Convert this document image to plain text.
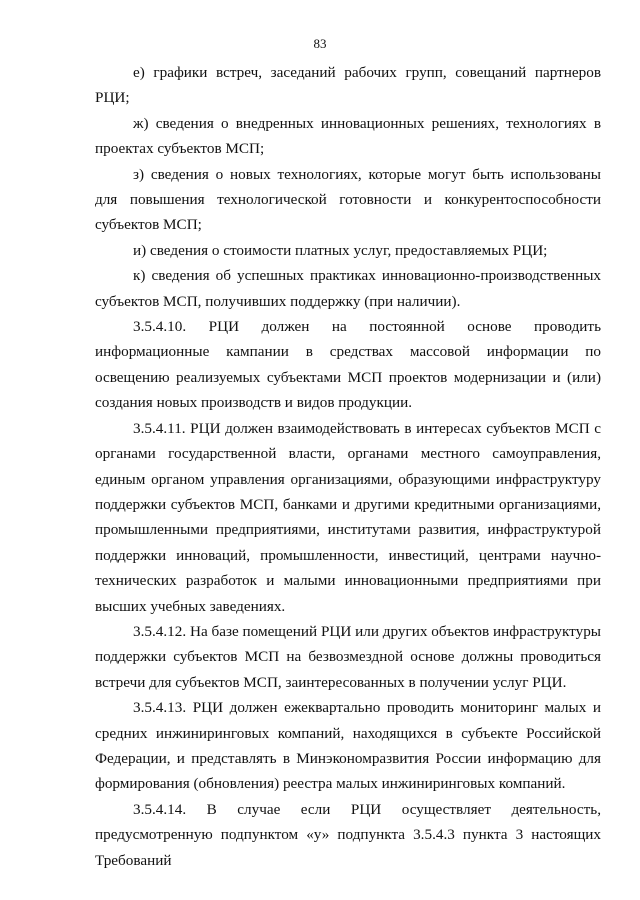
83

е) графики встреч, заседаний рабочих групп, совещаний партнеров РЦИ;

ж) сведения о внедренных инновационных решениях, технологиях в проектах субъектов МСП;

з) сведения о новых технологиях, которые могут быть использованы для повышения технологической готовности и конкурентоспособности субъектов МСП;

и) сведения о стоимости платных услуг, предоставляемых РЦИ;

к) сведения об успешных практиках инновационно-производственных субъектов МСП, получивших поддержку (при наличии).

3.5.4.10. РЦИ должен на постоянной основе проводить информационные кампании в средствах массовой информации по освещению реализуемых субъектами МСП проектов модернизации и (или) создания новых производств и видов продукции.

3.5.4.11. РЦИ должен взаимодействовать в интересах субъектов МСП с органами государственной власти, органами местного самоуправления, единым органом управления организациями, образующими инфраструктуру поддержки субъектов МСП, банками и другими кредитными организациями, промышленными предприятиями, институтами развития, инфраструктурой поддержки инноваций, промышленности, инвестиций, центрами научно-технических разработок и малыми инновационными предприятиями при высших учебных заведениях.

3.5.4.12. На базе помещений РЦИ или других объектов инфраструктуры поддержки субъектов МСП на безвозмездной основе должны проводиться встречи для субъектов МСП, заинтересованных в получении услуг РЦИ.

3.5.4.13. РЦИ должен ежеквартально проводить мониторинг малых и средних инжиниринговых компаний, находящихся в субъекте Российской Федерации, и представлять в Минэкономразвития России информацию для формирования (обновления) реестра малых инжиниринговых компаний.

3.5.4.14. В случае если РЦИ осуществляет деятельность, предусмотренную подпунктом «у» подпункта 3.5.4.3 пункта 3 настоящих Требований
